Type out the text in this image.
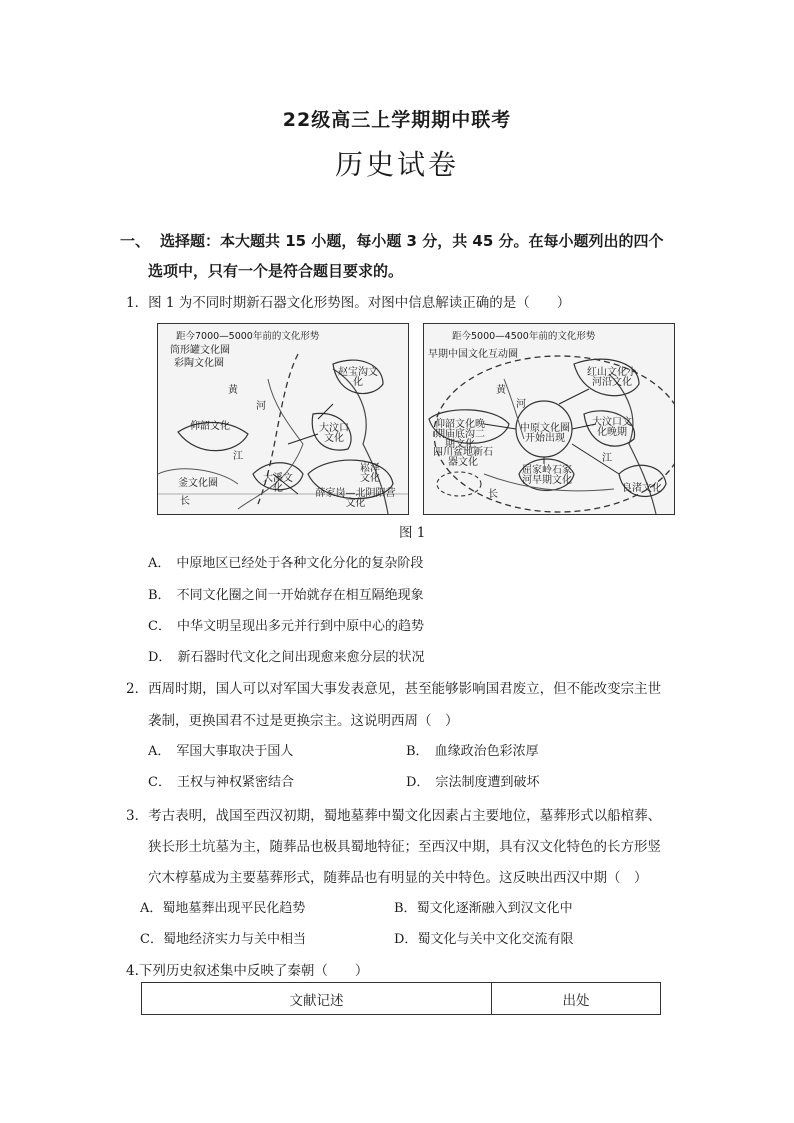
22级高三上学期期中联考
历史试卷
一、 选择题：本大题共 15 小题，每小题 3 分，共 45 分。在每小题列出的四个
选项中，只有一个是符合题目要求的。
1．图 1 为不同时期新石器文化形势图。对图中信息解读正确的是（　　）
距今7000—5000年前的文化形势
筒形罐文化圈
彩陶文化圈
赵宝沟文化
黄
河
仰韶文化	大汶口文化
江
大溪文化
崧泽文化
釜文化圈
长
薛家岗—北阴阳营文化
距今5000—4500年前的文化形势
早期中国文化互动圈
红山文化小河沿文化
黄
河
仰韶文化晚期庙底沟二期文化
中原文化圈开始出现
大汶口文化晚期
四川盆地新石器文化	江
屈家岭石家河早期文化
长
良渚文化
图 1
A． 中原地区已经处于各种文化分化的复杂阶段
B． 不同文化圈之间一开始就存在相互隔绝现象
C． 中华文明呈现出多元并行到中原中心的趋势
D． 新石器时代文化之间出现愈来愈分层的状况
2．西周时期，国人可以对军国大事发表意见，甚至能够影响国君废立，但不能改变宗主世
袭制，更换国君不过是更换宗主。这说明西周（　）
A． 军国大事取决于国人	B． 血缘政治色彩浓厚
C． 王权与神权紧密结合	D． 宗法制度遭到破坏
3．考古表明，战国至西汉初期，蜀地墓葬中蜀文化因素占主要地位，墓葬形式以船棺葬、
狭长形土坑墓为主，随葬品也极具蜀地特征；至西汉中期，具有汉文化特色的长方形竖
穴木椁墓成为主要墓葬形式，随葬品也有明显的关中特色。这反映出西汉中期（　）
A．蜀地墓葬出现平民化趋势	B．蜀文化逐渐融入到汉文化中
C．蜀地经济实力与关中相当	D．蜀文化与关中文化交流有限
4.下列历史叙述集中反映了秦朝（　　）
文献记述	出处
